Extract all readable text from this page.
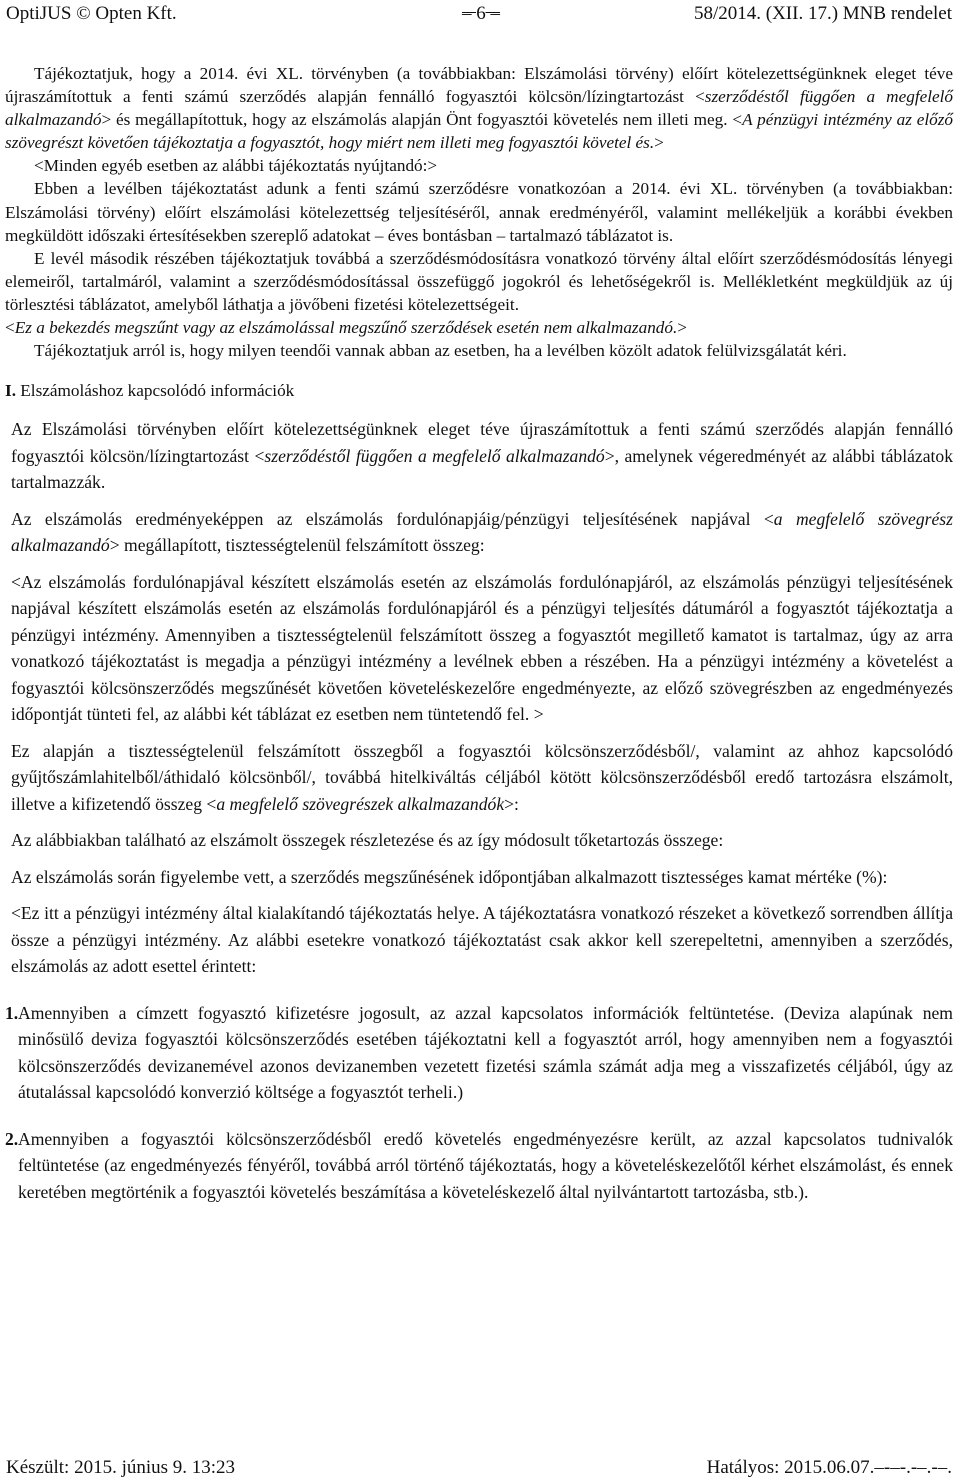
OptiJUS © Opten Kft.	– 6 –	58/2014. (XII. 17.) MNB rendelet

Tájékoztatjuk, hogy a 2014. évi XL. törvényben (a továbbiakban: Elszámolási törvény) előírt kötelezettségünknek eleget téve újraszámítottuk a fenti számú szerződés alapján fennálló fogyasztói kölcsön/lízingtartozást <szerződéstől függően a megfelelő alkalmazandó> és megállapítottuk, hogy az elszámolás alapján Önt fogyasztói követelés nem illeti meg. <A pénzügyi intézmény az előző szövegrészt követően tájékoztatja a fogyasztót, hogy miért nem illeti meg fogyasztói követel és.>

<Minden egyéb esetben az alábbi tájékoztatás nyújtandó:>

Ebben a levélben tájékoztatást adunk a fenti számú szerződésre vonatkozóan a 2014. évi XL. törvényben (a továbbiakban: Elszámolási törvény) előírt elszámolási kötelezettség teljesítéséről, annak eredményéről, valamint mellékeljük a korábbi években megküldött időszaki értesítésekben szereplő adatokat – éves bontásban – tartalmazó táblázatot is.

E levél második részében tájékoztatjuk továbbá a szerződésmódosításra vonatkozó törvény által előírt szerződésmódosítás lényegi elemeiről, tartalmáról, valamint a szerződésmódosítással összefüggő jogokról és lehetőségekről is. Mellékletként megküldjük az új törlesztési táblázatot, amelyből láthatja a jövőbeni fizetési kötelezettségeit.

<Ez a bekezdés megszűnt vagy az elszámolással megszűnő szerződések esetén nem alkalmazandó.>

Tájékoztatjuk arról is, hogy milyen teendői vannak abban az esetben, ha a levélben közölt adatok felülvizsgálatát kéri.

I. Elszámoláshoz kapcsolódó információk

Az Elszámolási törvényben előírt kötelezettségünknek eleget téve újraszámítottuk a fenti számú szerződés alapján fennálló fogyasztói kölcsön/lízingtartozást <szerződéstől függően a megfelelő alkalmazandó>, amelynek végeredményét az alábbi táblázatok tartalmazzák.

Az elszámolás eredményeképpen az elszámolás fordulónapjáig/pénzügyi teljesítésének napjával <a megfelelő szövegrész alkalmazandó> megállapított, tisztességtelenül felszámított összeg:

<Az elszámolás fordulónapjával készített elszámolás esetén az elszámolás fordulónapjáról, az elszámolás pénzügyi teljesítésének napjával készített elszámolás esetén az elszámolás fordulónapjáról és a pénzügyi teljesítés dátumáról a fogyasztót tájékoztatja a pénzügyi intézmény. Amennyiben a tisztességtelenül felszámított összeg a fogyasztót megillető kamatot is tartalmaz, úgy az arra vonatkozó tájékoztatást is megadja a pénzügyi intézmény a levélnek ebben a részében. Ha a pénzügyi intézmény a követelést a fogyasztói kölcsönszerződés megszűnését követően követeléskezelőre engedményezte, az előző szövegrészben az engedményezés időpontját tünteti fel, az alábbi két táblázat ez esetben nem tüntetendő fel. >

Ez alapján a tisztességtelenül felszámított összegből a fogyasztói kölcsönszerződésből/, valamint az ahhoz kapcsolódó gyűjtőszámlahitelből/áthidaló kölcsönből/, továbbá hitelkiváltás céljából kötött kölcsönszerződésből eredő tartozásra elszámolt, illetve a kifizetendő összeg <a megfelelő szövegrészek alkalmazandók>:

Az alábbiakban található az elszámolt összegek részletezése és az így módosult tőketartozás összege:

Az elszámolás során figyelembe vett, a szerződés megszűnésének időpontjában alkalmazott tisztességes kamat mértéke (%):

<Ez itt a pénzügyi intézmény által kialakítandó tájékoztatás helye. A tájékoztatásra vonatkozó részeket a következő sorrendben állítja össze a pénzügyi intézmény. Az alábbi esetekre vonatkozó tájékoztatást csak akkor kell szerepeltetni, amennyiben a szerződés, elszámolás az adott esettel érintett:

1. Amennyiben a címzett fogyasztó kifizetésre jogosult, az azzal kapcsolatos információk feltüntetése. (Deviza alapúnak nem minősülő deviza fogyasztói kölcsönszerződés esetében tájékoztatni kell a fogyasztót arról, hogy amennyiben nem a fogyasztói kölcsönszerződés devizanemével azonos devizanemben vezetett fizetési számla számát adja meg a visszafizetés céljából, úgy az átutalással kapcsolódó konverzió költsége a fogyasztót terheli.)

2. Amennyiben a fogyasztói kölcsönszerződésből eredő követelés engedményezésre került, az azzal kapcsolatos tudnivalók feltüntetése (az engedményezés fényéről, továbbá arról történő tájékoztatás, hogy a követeléskezelőtől kérhet elszámolást, és ennek keretében megtörténik a fogyasztói követelés beszámítása a követeléskezelő által nyilvántartott tartozásba, stb.).

Készült: 2015. június 9. 13:23	Hatályos: 2015.06.07.–-–-.-–.-–.
